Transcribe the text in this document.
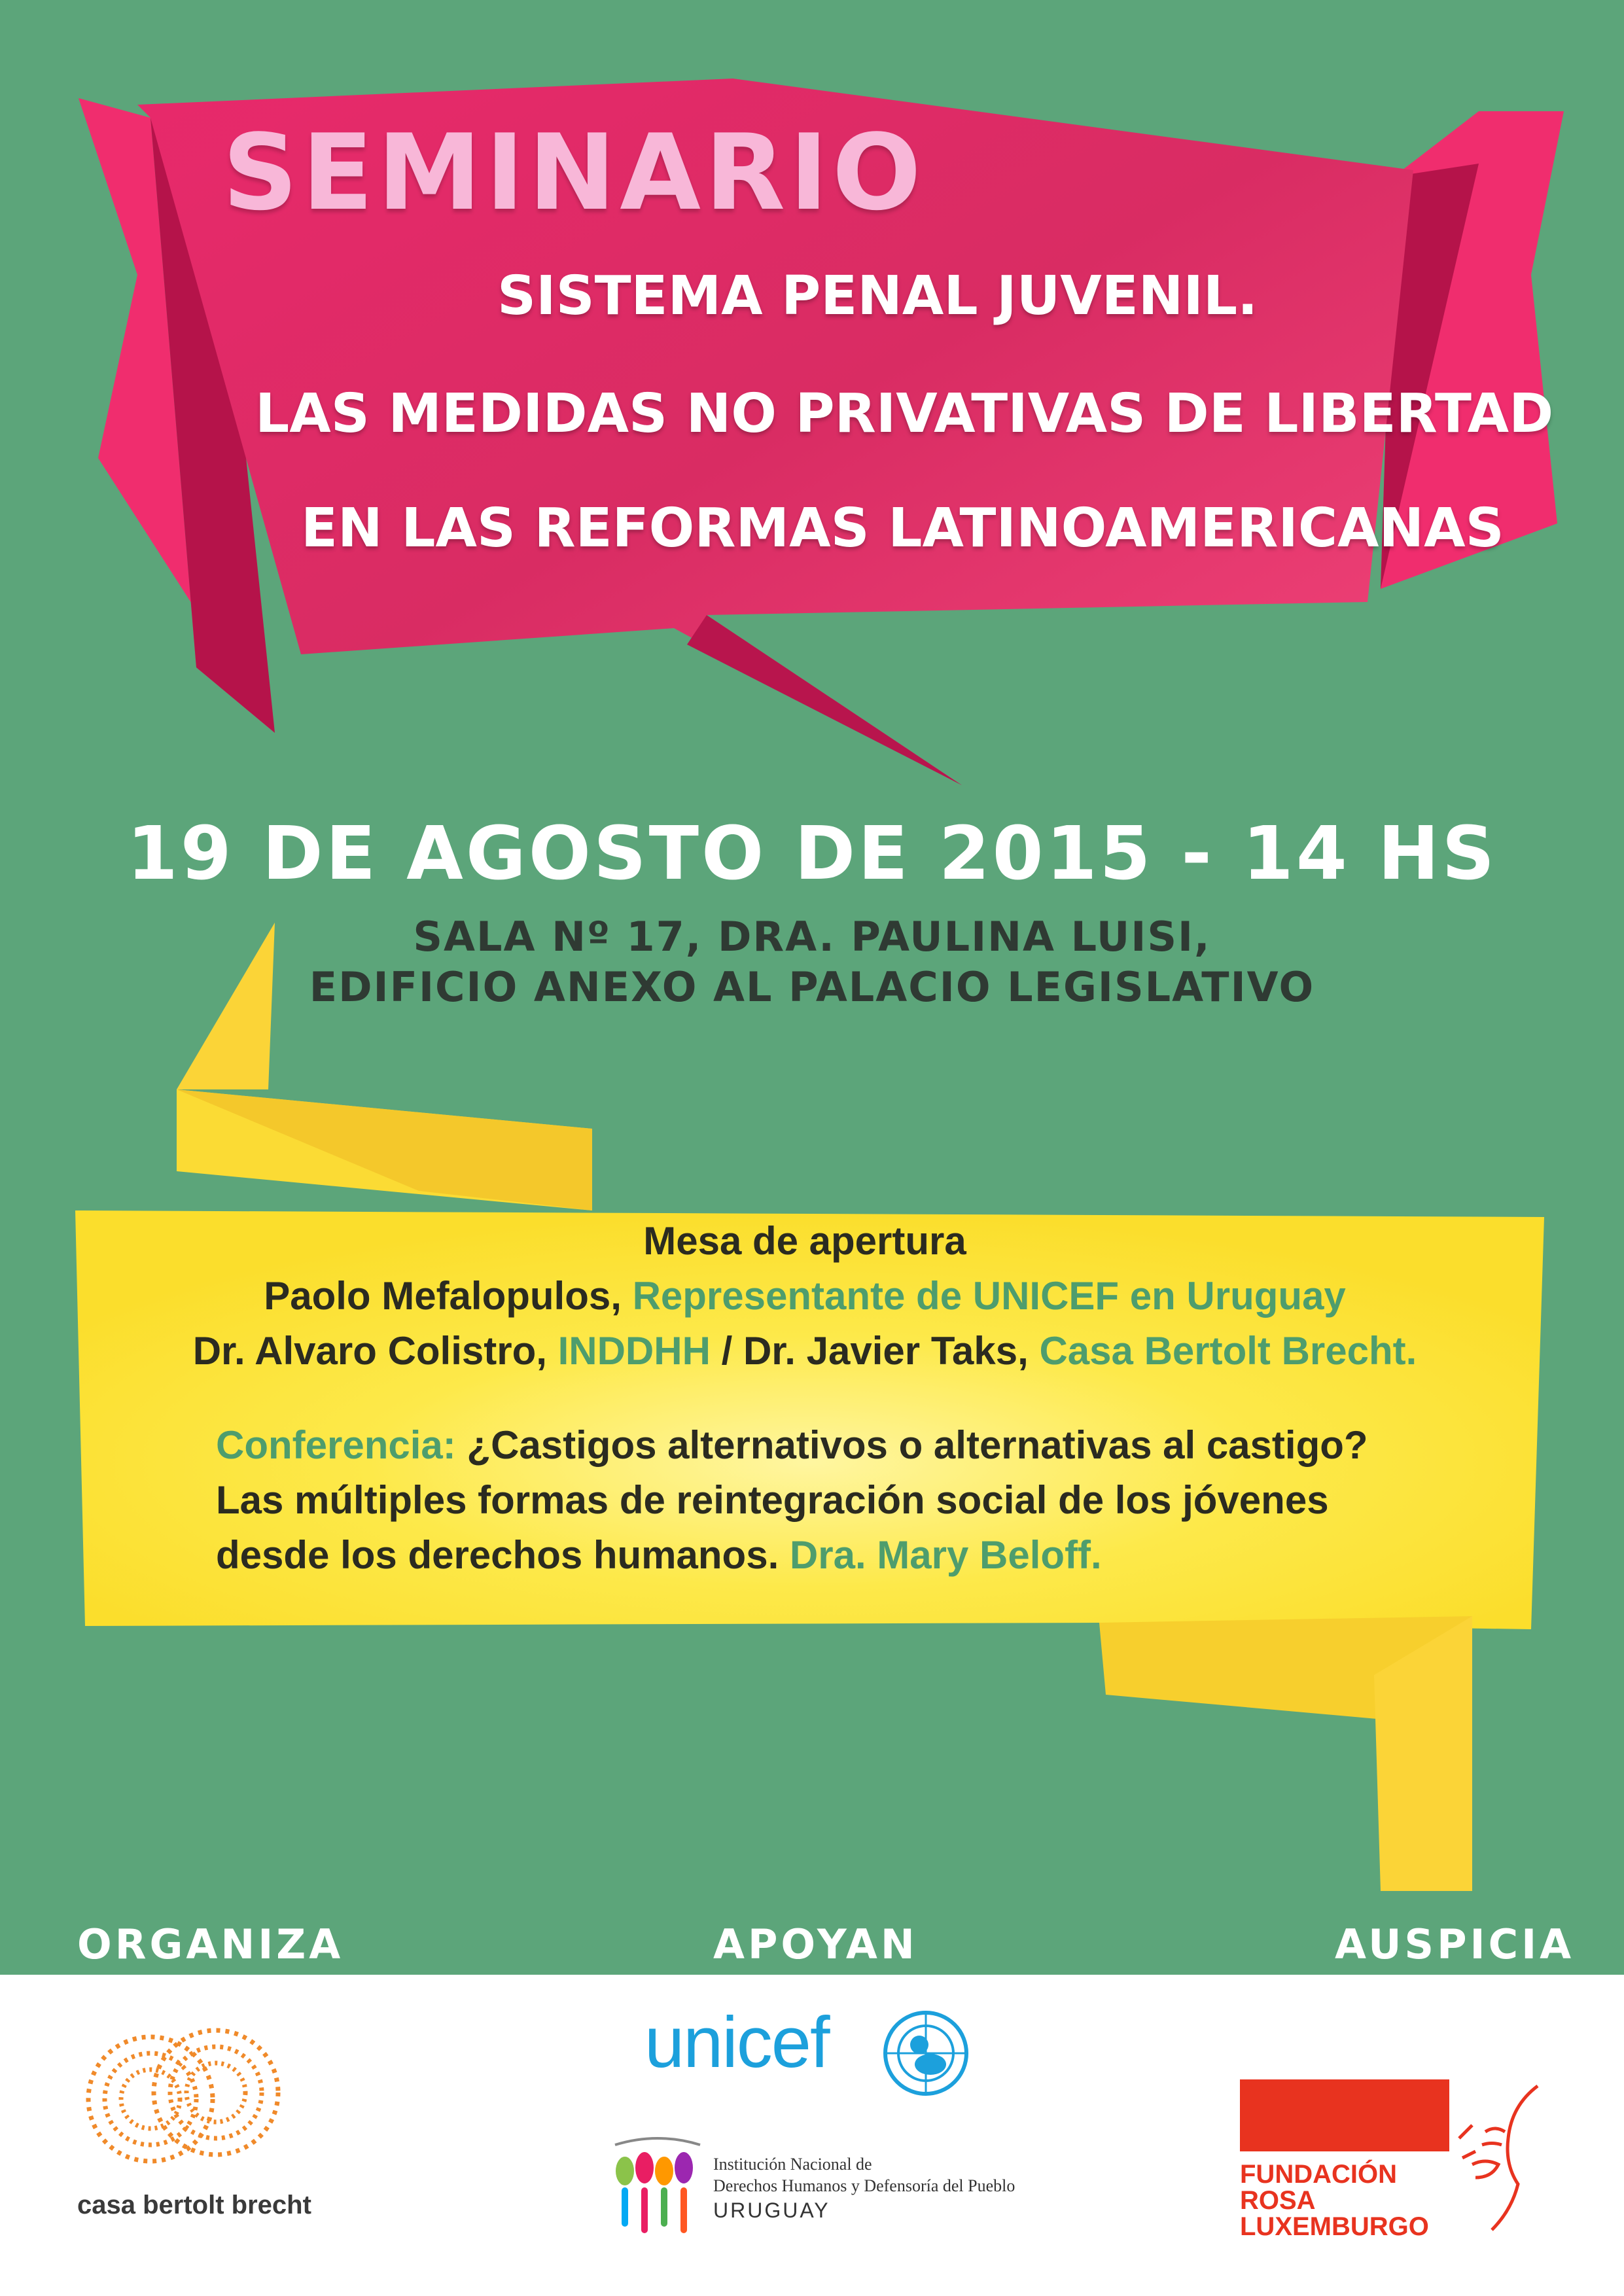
SEMINARIO
SISTEMA PENAL JUVENIL.
LAS MEDIDAS NO PRIVATIVAS DE LIBERTAD
EN LAS REFORMAS LATINOAMERICANAS
19 DE AGOSTO DE 2015 - 14 HS
SALA Nº 17, DRA. PAULINA LUISI,
EDIFICIO ANEXO AL PALACIO LEGISLATIVO
Mesa de apertura
Paolo Mefalopulos, Representante de UNICEF en Uruguay
Dr. Alvaro Colistro, INDDHH / Dr. Javier Taks, Casa Bertolt Brecht.
Conferencia: ¿Castigos alternativos o alternativas al castigo?
Las múltiples formas de reintegración social de los jóvenes
desde los derechos humanos. Dra. Mary Beloff.
ORGANIZA	APOYAN	AUSPICIA
casa bertolt brecht
unicef
Institución Nacional de
Derechos Humanos y Defensoría del Pueblo
URUGUAY
FUNDACIÓN
ROSA
LUXEMBURGO
